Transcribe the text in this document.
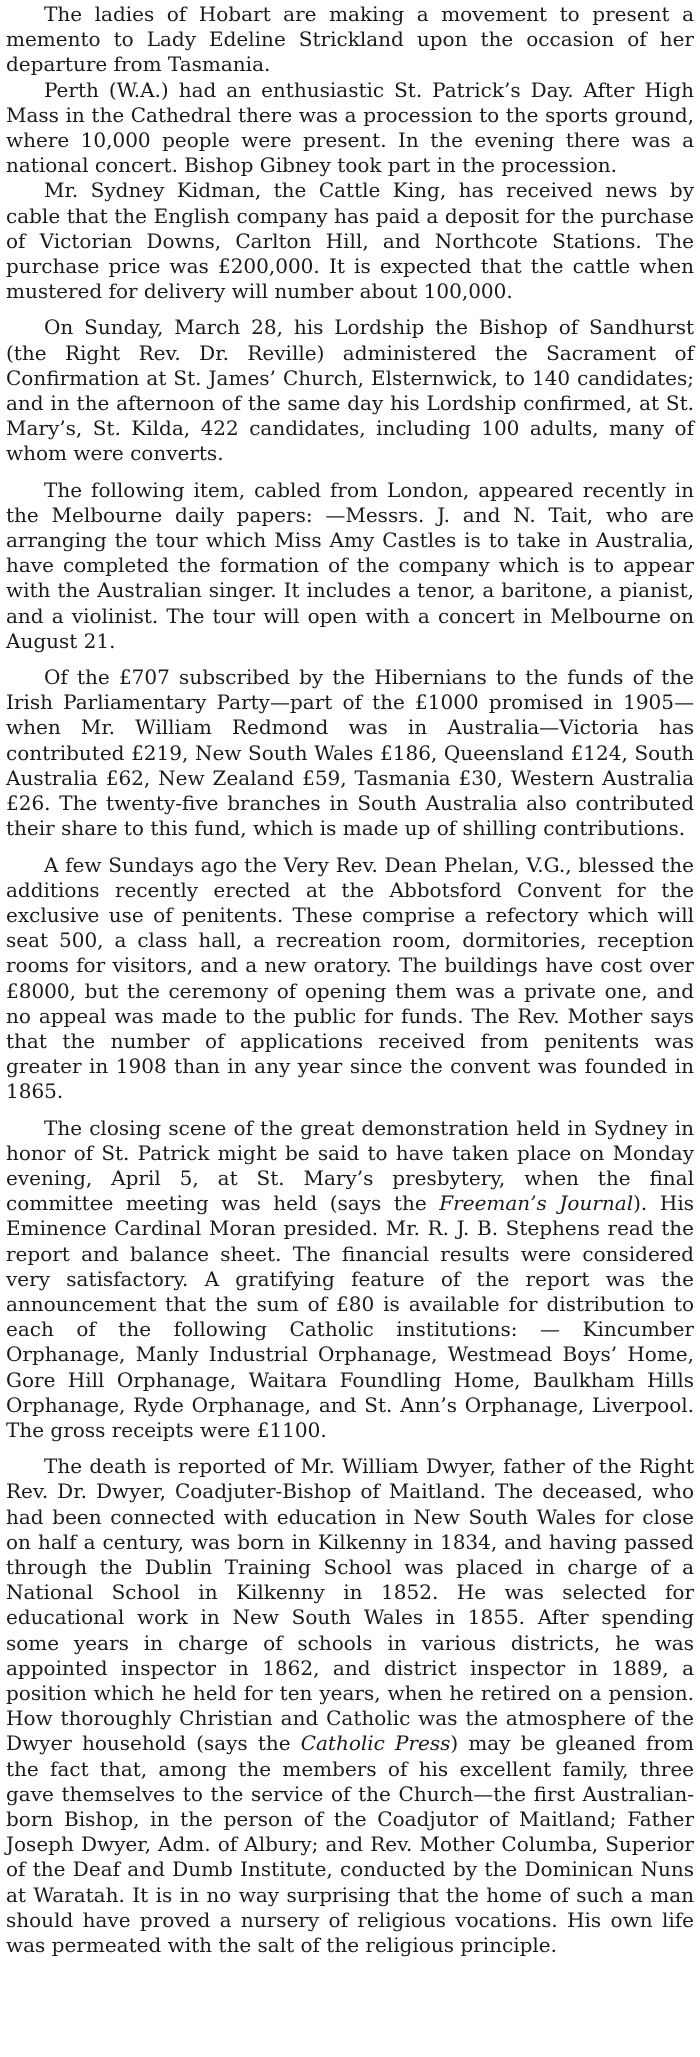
The ladies of Hobart are making a movement to present a memento to Lady Edeline Strickland upon the occasion of her departure from Tasmania.

Perth (W.A.) had an enthusiastic St. Patrick’s Day. After High Mass in the Cathedral there was a procession to the sports ground, where 10,000 people were present. In the evening there was a national concert. Bishop Gibney took part in the procession.

Mr. Sydney Kidman, the Cattle King, has received news by cable that the English company has paid a deposit for the purchase of Victorian Downs, Carlton Hill, and Northcote Stations. The purchase price was £200,000. It is expected that the cattle when mustered for delivery will number about 100,000.

On Sunday, March 28, his Lordship the Bishop of Sandhurst (the Right Rev. Dr. Reville) administered the Sacrament of Confirmation at St. James’ Church, Elsternwick, to 140 candidates; and in the afternoon of the same day his Lordship confirmed, at St. Mary’s, St. Kilda, 422 candidates, including 100 adults, many of whom were converts.

The following item, cabled from London, appeared recently in the Melbourne daily papers: —Messrs. J. and N. Tait, who are arranging the tour which Miss Amy Castles is to take in Australia, have completed the formation of the company which is to appear with the Australian singer. It includes a tenor, a baritone, a pianist, and a violinist. The tour will open with a concert in Melbourne on August 21.

Of the £707 subscribed by the Hibernians to the funds of the Irish Parliamentary Party—part of the £1000 promised in 1905—when Mr. William Redmond was in Australia—Victoria has contributed £219, New South Wales £186, Queensland £124, South Australia £62, New Zealand £59, Tasmania £30, Western Australia £26. The twenty-five branches in South Australia also contributed their share to this fund, which is made up of shilling contributions.

A few Sundays ago the Very Rev. Dean Phelan, V.G., blessed the additions recently erected at the Abbotsford Convent for the exclusive use of penitents. These comprise a refectory which will seat 500, a class hall, a recreation room, dormitories, reception rooms for visitors, and a new oratory. The buildings have cost over £8000, but the ceremony of opening them was a private one, and no appeal was made to the public for funds. The Rev. Mother says that the number of applications received from penitents was greater in 1908 than in any year since the convent was founded in 1865.

The closing scene of the great demonstration held in Sydney in honor of St. Patrick might be said to have taken place on Monday evening, April 5, at St. Mary’s presbytery, when the final committee meeting was held (says the Freeman’s Journal). His Eminence Cardinal Moran presided. Mr. R. J. B. Stephens read the report and balance sheet. The financial results were considered very satisfactory. A gratifying feature of the report was the announcement that the sum of £80 is available for distribution to each of the following Catholic institutions: — Kincumber Orphanage, Manly Industrial Orphanage, Westmead Boys’ Home, Gore Hill Orphanage, Waitara Foundling Home, Baulkham Hills Orphanage, Ryde Orphanage, and St. Ann’s Orphanage, Liverpool. The gross receipts were £1100.

The death is reported of Mr. William Dwyer, father of the Right Rev. Dr. Dwyer, Coadjuter-Bishop of Maitland. The deceased, who had been connected with education in New South Wales for close on half a century, was born in Kilkenny in 1834, and having passed through the Dublin Training School was placed in charge of a National School in Kilkenny in 1852. He was selected for educational work in New South Wales in 1855. After spending some years in charge of schools in various districts, he was appointed inspector in 1862, and district inspector in 1889, a position which he held for ten years, when he retired on a pension. How thoroughly Christian and Catholic was the atmosphere of the Dwyer household (says the Catholic Press) may be gleaned from the fact that, among the members of his excellent family, three gave themselves to the service of the Church—the first Australian-born Bishop, in the person of the Coadjutor of Maitland; Father Joseph Dwyer, Adm. of Albury; and Rev. Mother Columba, Superior of the Deaf and Dumb Institute, conducted by the Dominican Nuns at Waratah. It is in no way surprising that the home of such a man should have proved a nursery of religious vocations. His own life was permeated with the salt of the religious principle.
